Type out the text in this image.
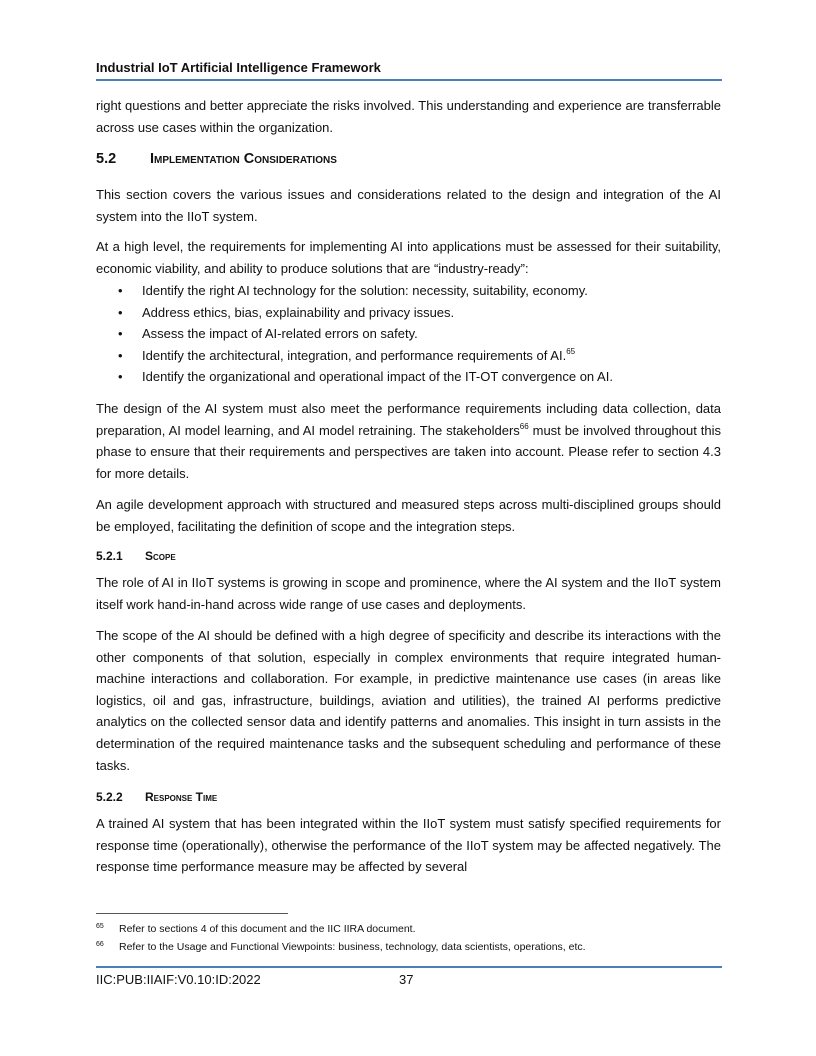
Industrial IoT Artificial Intelligence Framework
right questions and better appreciate the risks involved. This understanding and experience are transferrable across use cases within the organization.
5.2 Implementation Considerations
This section covers the various issues and considerations related to the design and integration of the AI system into the IIoT system.
At a high level, the requirements for implementing AI into applications must be assessed for their suitability, economic viability, and ability to produce solutions that are “industry-ready”:
• Identify the right AI technology for the solution: necessity, suitability, economy.
• Address ethics, bias, explainability and privacy issues.
• Assess the impact of AI-related errors on safety.
• Identify the architectural, integration, and performance requirements of AI.$^{65}$
• Identify the organizational and operational impact of the IT-OT convergence on AI.
The design of the AI system must also meet the performance requirements including data collection, data preparation, AI model learning, and AI model retraining. The stakeholders$^{66}$ must be involved throughout this phase to ensure that their requirements and perspectives are taken into account. Please refer to section 4.3 for more details.
An agile development approach with structured and measured steps across multi-disciplined groups should be employed, facilitating the definition of scope and the integration steps.
5.2.1 Scope
The role of AI in IIoT systems is growing in scope and prominence, where the AI system and the IIoT system itself work hand-in-hand across wide range of use cases and deployments.
The scope of the AI should be defined with a high degree of specificity and describe its interactions with the other components of that solution, especially in complex environments that require integrated human-machine interactions and collaboration. For example, in predictive maintenance use cases (in areas like logistics, oil and gas, infrastructure, buildings, aviation and utilities), the trained AI performs predictive analytics on the collected sensor data and identify patterns and anomalies. This insight in turn assists in the determination of the required maintenance tasks and the subsequent scheduling and performance of these tasks.
5.2.2 Response Time
A trained AI system that has been integrated within the IIoT system must satisfy specified requirements for response time (operationally), otherwise the performance of the IIoT system may be affected negatively. The response time performance measure may be affected by several
65 Refer to sections 4 of this document and the IIC IIRA document.
66 Refer to the Usage and Functional Viewpoints: business, technology, data scientists, operations, etc.
IIC:PUB:IIAIF:V0.10:ID:2022	37
